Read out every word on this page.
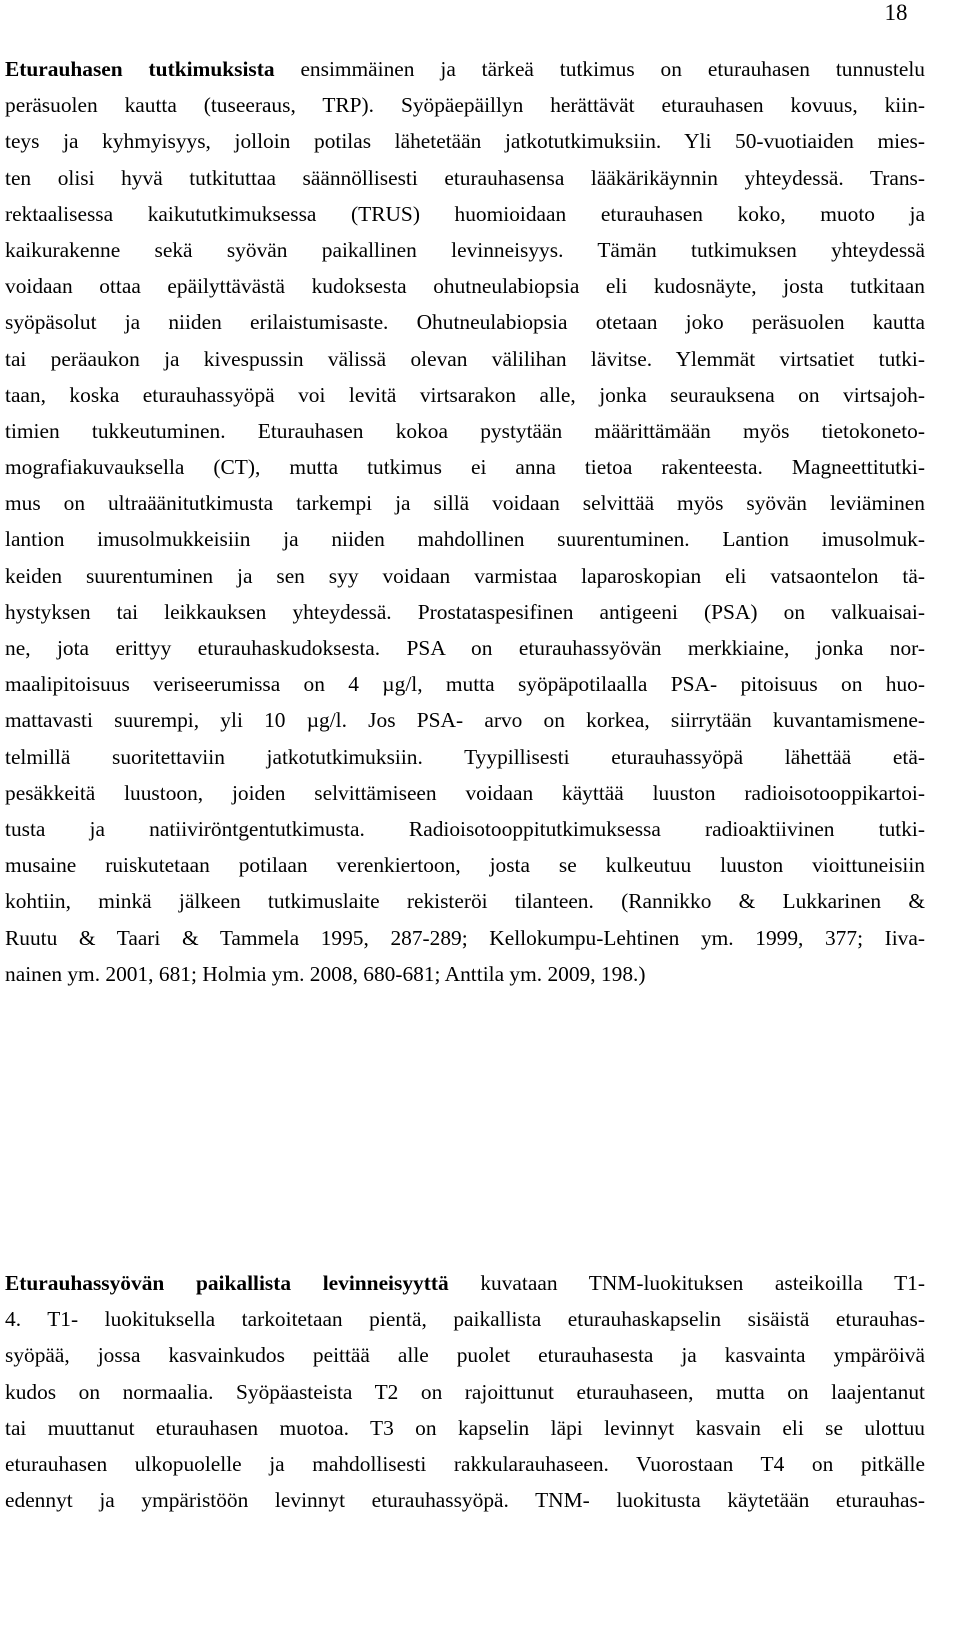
18
Eturauhasen tutkimuksista ensimmäinen ja tärkeä tutkimus on eturauhasen tunnustelu
peräsuolen kautta (tuseeraus, TRP). Syöpäepäillyn herättävät eturauhasen kovuus, kiin-
teys ja kyhmyisyys, jolloin potilas lähetetään jatkotutkimuksiin. Yli 50-vuotiaiden mies-
ten olisi hyvä tutkituttaa säännöllisesti eturauhasensa lääkärikäynnin yhteydessä. Trans-
rektaalisessa kaikututkimuksessa (TRUS) huomioidaan eturauhasen koko, muoto ja
kaikurakenne sekä syövän paikallinen levinneisyys. Tämän tutkimuksen yhteydessä
voidaan ottaa epäilyttävästä kudoksesta ohutneulabiopsia eli kudosnäyte, josta tutkitaan
syöpäsolut ja niiden erilaistumisaste. Ohutneulabiopsia otetaan joko peräsuolen kautta
tai peräaukon ja kivespussin välissä olevan välilihan lävitse. Ylemmät virtsatiet tutki-
taan, koska eturauhassyöpä voi levitä virtsarakon alle, jonka seurauksena on virtsajoh-
timien tukkeutuminen. Eturauhasen kokoa pystytään määrittämään myös tietokoneto-
mografiakuvauksella (CT), mutta tutkimus ei anna tietoa rakenteesta. Magneettitutki-
mus on ultraäänitutkimusta tarkempi ja sillä voidaan selvittää myös syövän leviäminen
lantion imusolmukkeisiin ja niiden mahdollinen suurentuminen. Lantion imusolmuk-
keiden suurentuminen ja sen syy voidaan varmistaa laparoskopian eli vatsaontelon tä-
hystyksen tai leikkauksen yhteydessä. Prostataspesifinen antigeeni (PSA) on valkuaisai-
ne, jota erittyy eturauhaskudoksesta. PSA on eturauhassyövän merkkiaine, jonka nor-
maalipitoisuus veriseerumissa on 4 µg/l, mutta syöpäpotilaalla PSA- pitoisuus on huo-
mattavasti suurempi, yli 10 µg/l. Jos PSA- arvo on korkea, siirrytään kuvantamismene-
telmillä suoritettaviin jatkotutkimuksiin. Tyypillisesti eturauhassyöpä lähettää etä-
pesäkkeitä luustoon, joiden selvittämiseen voidaan käyttää luuston radioisotooppikartoi-
tusta ja natiiviröntgentutkimusta. Radioisotooppitutkimuksessa radioaktiivinen tutki-
musaine ruiskutetaan potilaan verenkiertoon, josta se kulkeutuu luuston vioittuneisiin
kohtiin, minkä jälkeen tutkimuslaite rekisteröi tilanteen. (Rannikko & Lukkarinen &
Ruutu & Taari & Tammela 1995, 287-289; Kellokumpu-Lehtinen ym. 1999, 377; Iiva-
nainen ym. 2001, 681; Holmia ym. 2008, 680-681; Anttila ym. 2009, 198.)
Eturauhassyövän paikallista levinneisyyttä kuvataan TNM-luokituksen asteikoilla T1-
4. T1- luokituksella tarkoitetaan pientä, paikallista eturauhaskapselin sisäistä eturauhas-
syöpää, jossa kasvainkudos peittää alle puolet eturauhasesta ja kasvainta ympäröivä
kudos on normaalia. Syöpäasteista T2 on rajoittunut eturauhaseen, mutta on laajentanut
tai muuttanut eturauhasen muotoa. T3 on kapselin läpi levinnyt kasvain eli se ulottuu
eturauhasen ulkopuolelle ja mahdollisesti rakkularauhaseen. Vuorostaan T4 on pitkälle
edennyt ja ympäristöön levinnyt eturauhassyöpä. TNM- luokitusta käytetään eturauhas-
